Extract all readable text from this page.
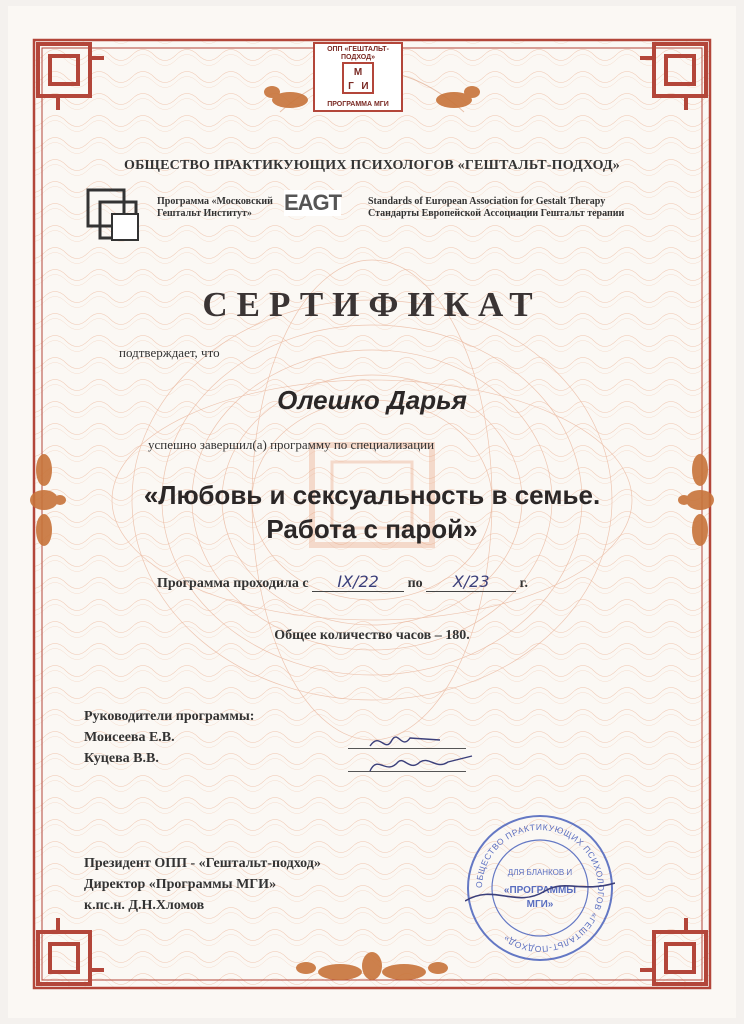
ОПП «ГЕШТАЛЬТ-ПОДХОД»
М
Г И
ПРОГРАММА МГИ
ОБЩЕСТВО ПРАКТИКУЮЩИХ ПСИХОЛОГОВ «ГЕШТАЛЬТ-ПОДХОД»
Программа «Московский
Гештальт Институт»	EAGT	Standards of European Association for Gestalt Therapy
Стандарты Европейской Ассоциации Гештальт терапии
СЕРТИФИКАТ
подтверждает, что
Олешко Дарья
успешно завершил(а) программу по специализации
«Любовь и сексуальность в семье.
Работа с парой»
Программа проходила с IX/22 по X/23 г.
Общее количество часов – 180.
Руководители программы:
Моисеева Е.В.
Куцева В.В.
Президент ОПП - «Гештальт-подход»
Директор «Программы МГИ»
к.пс.н. Д.Н.Хломов
ОБЩЕСТВО ПРАКТИКУЮЩИХ ПСИХОЛОГОВ «ГЕШТАЛЬТ-ПОДХОД»
ДЛЯ БЛАНКОВ И
«ПРОГРАММЫ
МГИ»
